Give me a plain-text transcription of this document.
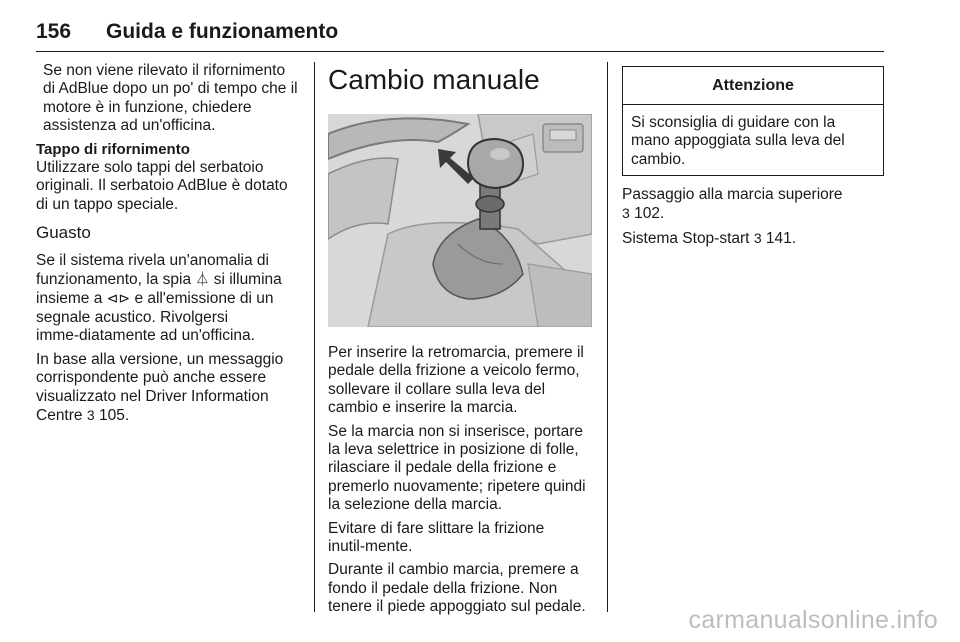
156 Guida e funzionamento

Se non viene rilevato il rifornimento di AdBlue dopo un po' di tempo che il motore è in funzione, chiedere assistenza ad un'officina.

Tappo di rifornimento

Utilizzare solo tappi del serbatoio originali. Il serbatoio AdBlue è dotato di un tappo speciale.

Guasto

Se il sistema rivela un'anomalia di funzionamento, la spia ⏃ si illumina insieme a ⊲⊳ e all'emissione di un segnale acustico. Rivolgersi imme‑diatamente ad un'officina.

In base alla versione, un messaggio corrispondente può anche essere visualizzato nel Driver Information Centre 3 105.

Cambio manuale

Per inserire la retromarcia, premere il pedale della frizione a veicolo fermo, sollevare il collare sulla leva del cambio e inserire la marcia.

Se la marcia non si inserisce, portare la leva selettrice in posizione di folle, rilasciare il pedale della frizione e premerlo nuovamente; ripetere quindi la selezione della marcia.

Evitare di fare slittare la frizione inutil‑mente.

Durante il cambio marcia, premere a fondo il pedale della frizione. Non tenere il piede appoggiato sul pedale.

Attenzione
Si sconsiglia di guidare con la mano appoggiata sulla leva del cambio.

Passaggio alla marcia superiore
3 102.

Sistema Stop-start 3 141.

carmanualsonline.info
